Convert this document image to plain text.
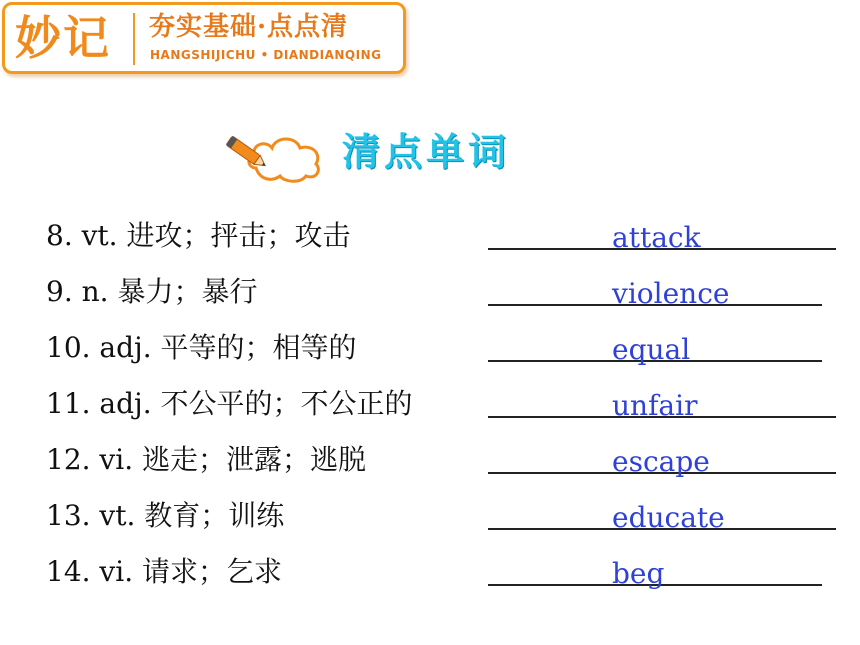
妙记 夯实基础·点点清
HANGSHIJICHU • DIANDIANQING
清点单词
8. vt. 进攻；抨击；攻击	attack
9. n. 暴力；暴行	violence
10. adj. 平等的；相等的	equal
11. adj. 不公平的；不公正的	unfair
12. vi. 逃走；泄露；逃脱	escape
13. vt. 教育；训练	educate
14. vi. 请求；乞求	beg
